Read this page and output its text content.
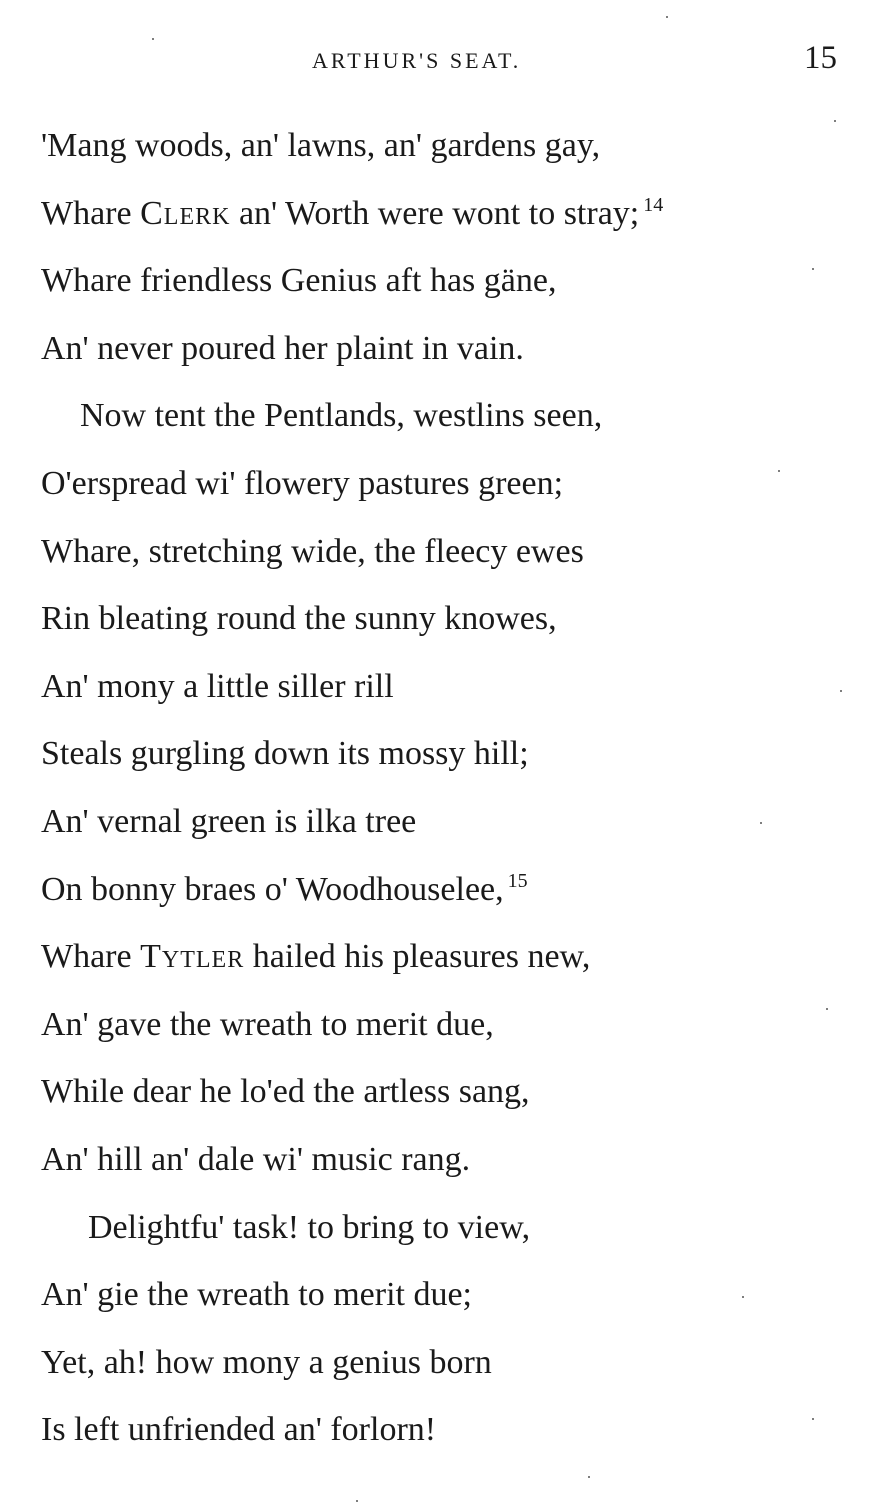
ARTHUR'S SEAT.	15
'Mang woods, an' lawns, an' gardens gay,
Whare Clerk an' Worth were wont to stray; $^{14}$
Whare friendless Genius aft has gäne,
An' never poured her plaint in vain.
Now tent the Pentlands, westlins seen,
O'erspread wi' flowery pastures green;
Whare, stretching wide, the fleecy ewes
Rin bleating round the sunny knowes,
An' mony a little siller rill
Steals gurgling down its mossy hill;
An' vernal green is ilka tree
On bonny braes o' Woodhouselee, $^{15}$
Whare Tytler hailed his pleasures new,
An' gave the wreath to merit due,
While dear he lo'ed the artless sang,
An' hill an' dale wi' music rang.
Delightfu' task! to bring to view,
An' gie the wreath to merit due;
Yet, ah! how mony a genius born
Is left unfriended an' forlorn!
